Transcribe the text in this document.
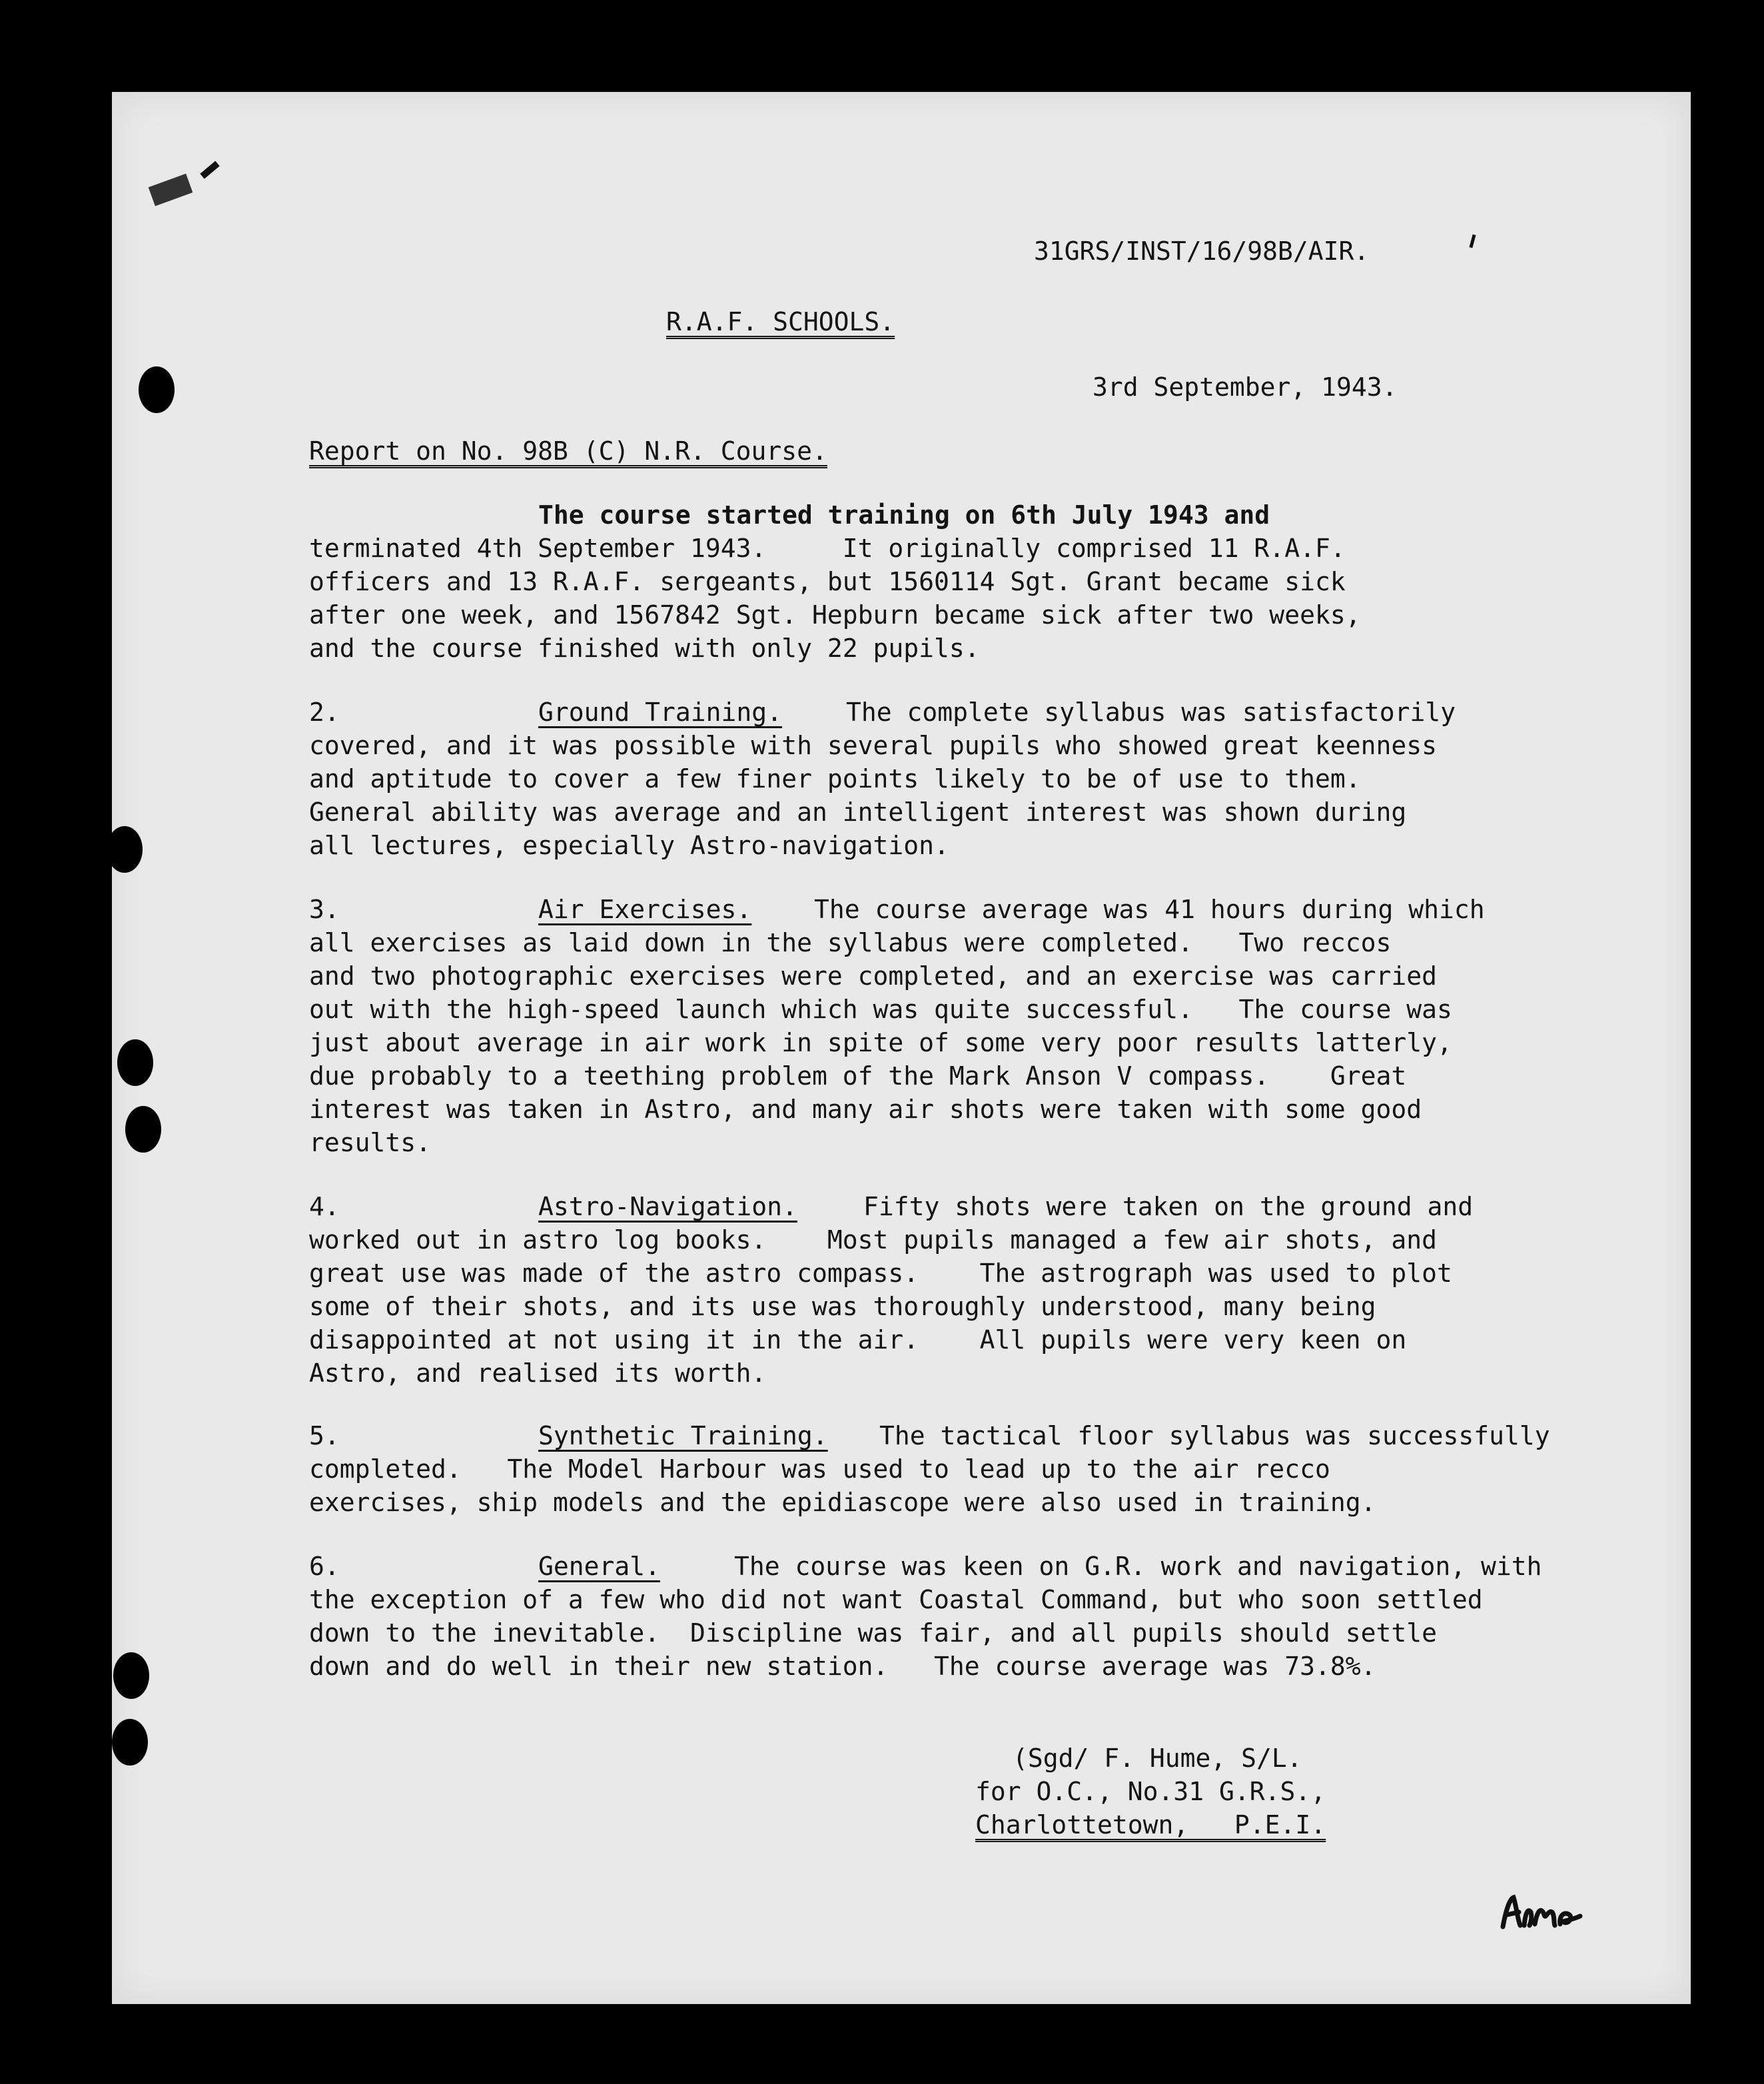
31GRS/INST/16/98B/AIR.
R.A.F. SCHOOLS.
3rd September, 1943.
Report on No. 98B (C) N.R. Course.
The course started training on 6th July 1943 and
terminated 4th September 1943.     It originally comprised 11 R.A.F.
officers and 13 R.A.F. sergeants, but 1560114 Sgt. Grant became sick
after one week, and 1567842 Sgt. Hepburn became sick after two weeks,
and the course finished with only 22 pupils.
2.	Ground Training.	The complete syllabus was satisfactorily
covered, and it was possible with several pupils who showed great keenness
and aptitude to cover a few finer points likely to be of use to them.
General ability was average and an intelligent interest was shown during
all lectures, especially Astro-navigation.
3.	Air Exercises. The course average was 41 hours during which
all exercises as laid down in the syllabus were completed.   Two reccos
and two photographic exercises were completed, and an exercise was carried
out with the high-speed launch which was quite successful.   The course was
just about average in air work in spite of some very poor results latterly,
due probably to a teething problem of the Mark Anson V compass.    Great
interest was taken in Astro, and many air shots were taken with some good
results.
4.	Astro-Navigation.	Fifty shots were taken on the ground and
worked out in astro log books.    Most pupils managed a few air shots, and
great use was made of the astro compass.    The astrograph was used to plot
some of their shots, and its use was thoroughly understood, many being
disappointed at not using it in the air.    All pupils were very keen on
Astro, and realised its worth.
5.	Synthetic Training. The tactical floor syllabus was successfully
completed.   The Model Harbour was used to lead up to the air recco
exercises, ship models and the epidiascope were also used in training.
6.	General.	The course was keen on G.R. work and navigation, with
the exception of a few who did not want Coastal Command, but who soon settled
down to the inevitable.  Discipline was fair, and all pupils should settle
down and do well in their new station.   The course average was 73.8%.
(Sgd/ F. Hume, S/L.
for O.C., No.31 G.R.S.,
Charlottetown,   P.E.I.
